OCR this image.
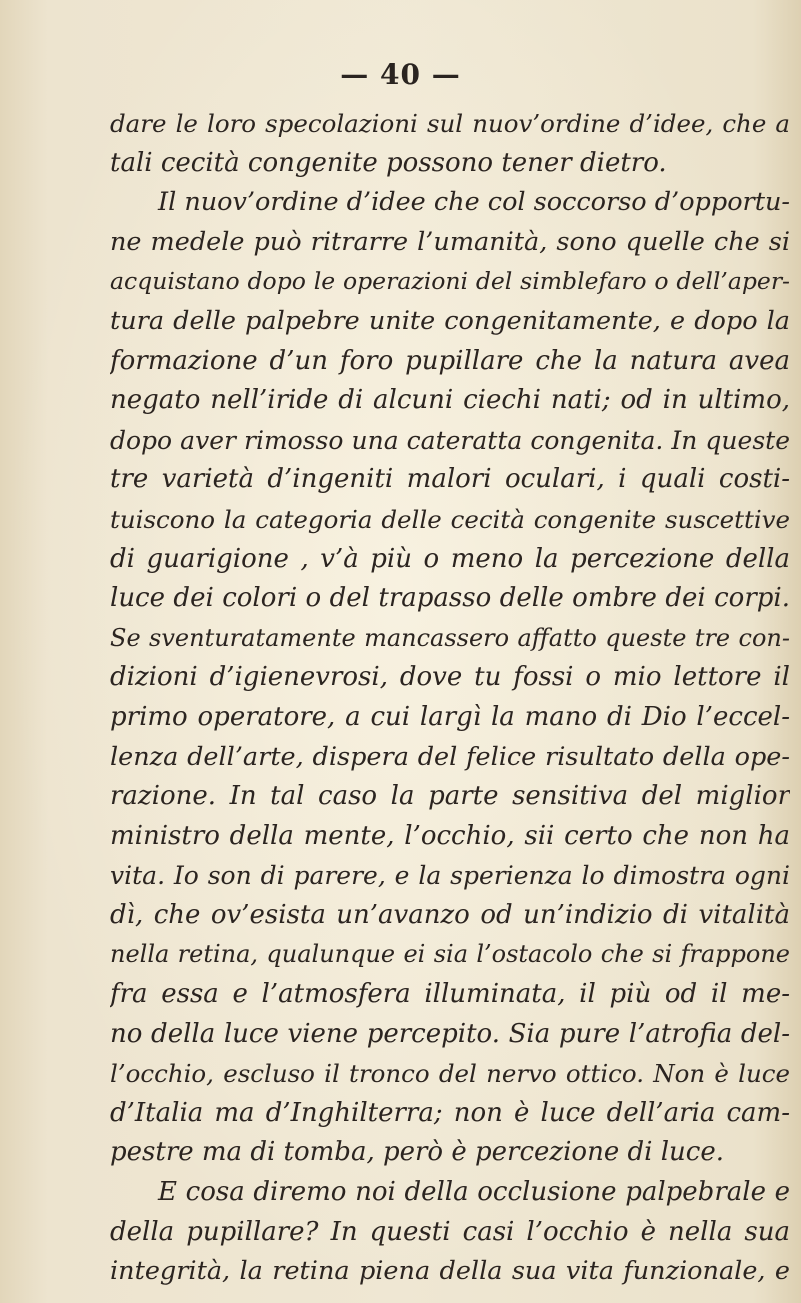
— 40 —
dare le loro specolazioni sul nuov’ordine d’idee, che a
tali cecità congenite possono tener dietro.
Il nuov’ordine d’idee che col soccorso d’opportu-
ne medele può ritrarre l’umanità, sono quelle che si
acquistano dopo le operazioni del simblefaro o dell’aper-
tura delle palpebre unite congenitamente, e dopo la
formazione d’un foro pupillare che la natura avea
negato nell’iride di alcuni ciechi nati; od in ultimo,
dopo aver rimosso una cateratta congenita. In queste
tre varietà d’ingeniti malori oculari, i quali costi-
tuiscono la categoria delle cecità congenite suscettive
di guarigione , v’à più o meno la percezione della
luce dei colori o del trapasso delle ombre dei corpi.
Se sventuratamente mancassero affatto queste tre con-
dizioni d’igienevrosi, dove tu fossi o mio lettore il
primo operatore, a cui largì la mano di Dio l’eccel-
lenza dell’arte, dispera del felice risultato della ope-
razione. In tal caso la parte sensitiva del miglior
ministro della mente, l’occhio, sii certo che non ha
vita. Io son di parere, e la sperienza lo dimostra ogni
dì, che ov’esista un’avanzo od un’indizio di vitalità
nella retina, qualunque ei sia l’ostacolo che si frappone
fra essa e l’atmosfera illuminata, il più od il me-
no della luce viene percepito. Sia pure l’atrofia del-
l’occhio, escluso il tronco del nervo ottico. Non è luce
d’Italia ma d’Inghilterra; non è luce dell’aria cam-
pestre ma di tomba, però è percezione di luce.
E cosa diremo noi della occlusione palpebrale e
della pupillare? In questi casi l’occhio è nella sua
integrità, la retina piena della sua vita funzionale, e
